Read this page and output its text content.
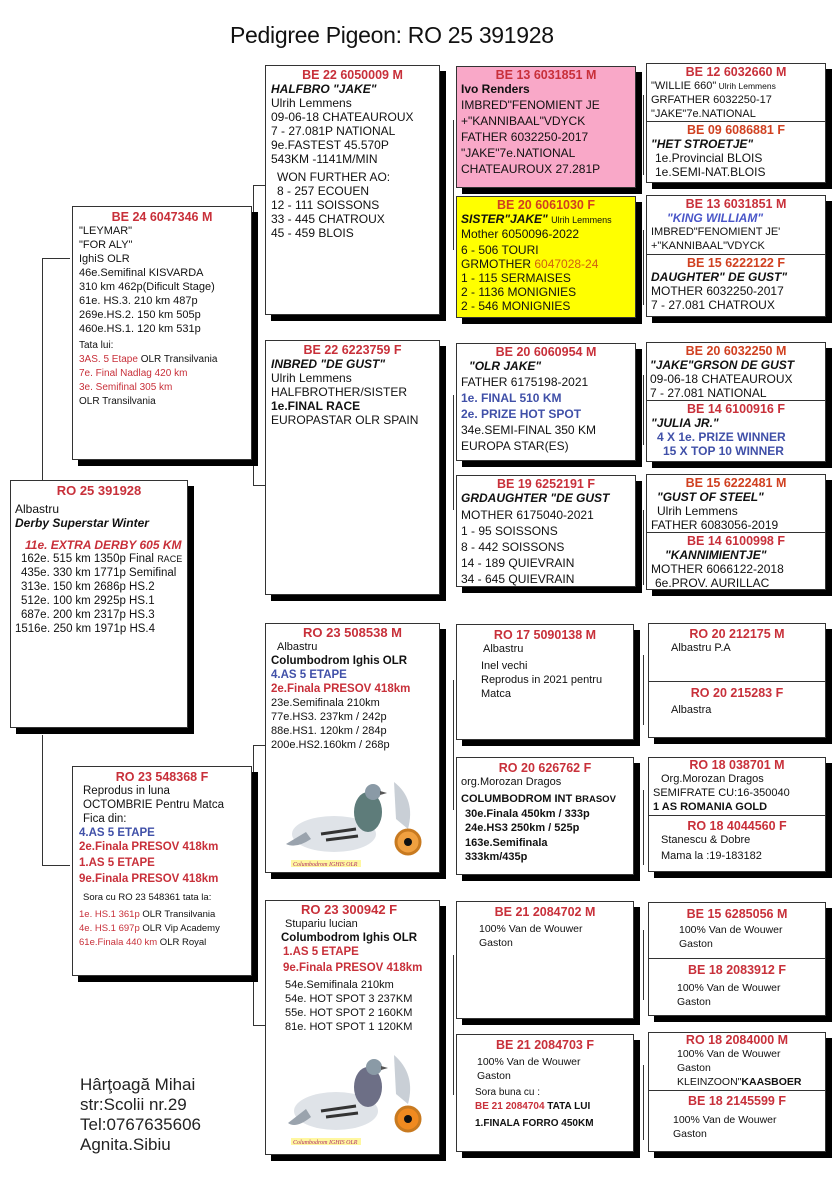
Pedigree Pigeon: RO 25 391928
RO 25 391928
Albastru
Derby Superstar Winter
11e. EXTRA DERBY 605 KM
162e. 515 km 1350p Final RACE
435e. 330 km 1771p Semifinal
313e. 150 km 2686p HS.2
512e. 100 km 2925p HS.1
687e. 200 km 2317p HS.3
1516e. 250 km 1971p HS.4
BE 24 6047346 M
"LEYMAR"
"FOR ALY"
IghiS OLR
46e.Semifinal KISVARDA
310 km 462p(Dificult Stage)
61e. HS.3. 210 km 487p
269e.HS.2. 150 km 505p
460e.HS.1. 120 km 531p
Tata lui:
3AS. 5 Etape OLR Transilvania
7e. Final Nadlag 420 km
3e. Semifinal 305 km
OLR Transilvania
RO 23 548368 F
Reprodus in luna
OCTOMBRIE Pentru Matca
Fica din:
4.AS 5 ETAPE
2e.Finala PRESOV 418km
1.AS 5 ETAPE
9e.Finala PRESOV 418km
Sora cu RO 23 548361 tata la:
1e. HS.1 361p OLR Transilvania
4e. HS.1 697p OLR Vip Academy
61e.Finala 440 km OLR Royal
BE 22 6050009 M
HALFBRO "JAKE"
Ulrih Lemmens
09-06-18 CHATEAUROUX
7 - 27.081P NATIONAL
9e.FASTEST 45.570P
543KM -1141M/MIN
WON FURTHER AO:
8 - 257 ECOUEN
12 - 111 SOISSONS
33 - 445 CHATROUX
45 - 459 BLOIS
BE 22 6223759 F
INBRED "DE GUST"
Ulrih Lemmens
HALFBROTHER/SISTER
1e.FINAL RACE
EUROPASTAR OLR SPAIN
RO 23 508538 M
Albastru
Columbodrom Ighis OLR
4.AS 5 ETAPE
2e.Finala PRESOV 418km
23e.Semifinala 210km
77e.HS3. 237km / 242p
88e.HS1. 120km / 284p
200e.HS2.160km / 268p
Columbodrom IGHIS OLR
RO 23 300942 F
Stupariu lucian
Columbodrom Ighis OLR
1.AS 5 ETAPE
9e.Finala PRESOV 418km
54e.Semifinala 210km
54e. HOT SPOT 3 237KM
55e. HOT SPOT 2 160KM
81e. HOT SPOT 1 120KM
Columbodrom IGHIS OLR
BE 13 6031851 M
Ivo Renders
IMBRED"FENOMIENT JE
+"KANNIBAAL"VDYCK
FATHER 6032250-2017
"JAKE"7e.NATIONAL
CHATEAUROUX 27.281P
BE 20 6061030 F
SISTER"JAKE" Ulrih Lemmens
Mother 6050096-2022
6 - 506 TOURI
GRMOTHER 6047028-24
1 - 115 SERMAISES
2 - 1136 MONIGNIES
2 - 546 MONIGNIES
BE 20 6060954 M
"OLR JAKE"
FATHER 6175198-2021
1e. FINAL 510 KM
2e. PRIZE HOT SPOT
34e.SEMI-FINAL 350 KM
EUROPA STAR(ES)
BE 19 6252191 F
GRDAUGHTER "DE GUST
MOTHER 6175040-2021
1 - 95 SOISSONS
8 - 442 SOISSONS
14 - 189 QUIEVRAIN
34 - 645 QUIEVRAIN
RO 17 5090138 M
Albastru
Inel vechi
Reprodus in 2021 pentru
Matca
RO 20 626762 F
org.Morozan Dragos
COLUMBODROM INT BRASOV
30e.Finala 450km / 333p
24e.HS3 250km / 525p
163e.Semifinala
333km/435p
BE 21 2084702 M
100% Van de Wouwer
Gaston
BE 21 2084703 F
100% Van de Wouwer
Gaston
Sora buna cu :
BE 21 2084704 TATA LUI
1.FINALA FORRO 450KM
BE 12 6032660 M
"WILLIE 660" Ulrih Lemmens
GRFATHER 6032250-17
"JAKE"7e.NATIONAL
BE 09 6086881 F
"HET STROETJE"
1e.Provincial BLOIS
1e.SEMI-NAT.BLOIS
BE 13 6031851 M
"KING WILLIAM"
IMBRED"FENOMIENT JE'
+"KANNIBAAL"VDYCK
BE 15 6222122 F
DAUGHTER" DE GUST"
MOTHER 6032250-2017
7 - 27.081 CHATROUX
BE 20 6032250 M
"JAKE"GRSON DE GUST
09-06-18 CHATEAUROUX
7 - 27.081 NATIONAL
BE 14 6100916 F
"JULIA JR."
4 X 1e. PRIZE WINNER
15 X TOP 10 WINNER
BE 15 6222481 M
"GUST OF STEEL"
Ulrih Lemmens
FATHER 6083056-2019
BE 14 6100998 F
"KANNIMIENTJE"
MOTHER 6066122-2018
6e.PROV. AURILLAC
RO 20 212175 M
Albastru P.A
RO 20 215283 F
Albastra
RO 18 038701 M
Org.Morozan Dragos
SEMIFRATE CU:16-350040
1 AS ROMANIA GOLD
RO 18 4044560 F
Stanescu & Dobre
Mama la :19-183182
BE 15 6285056 M
100% Van de Wouwer
Gaston
BE 18 2083912 F
100% Van de Wouwer
Gaston
RO 18 2084000 M
100% Van de Wouwer
Gaston
KLEINZOON"KAASBOER
BE 18 2145599 F
100% Van de Wouwer
Gaston
Hârţoagă Mihai
str:Scolii nr.29
Tel:0767635606
Agnita.Sibiu
